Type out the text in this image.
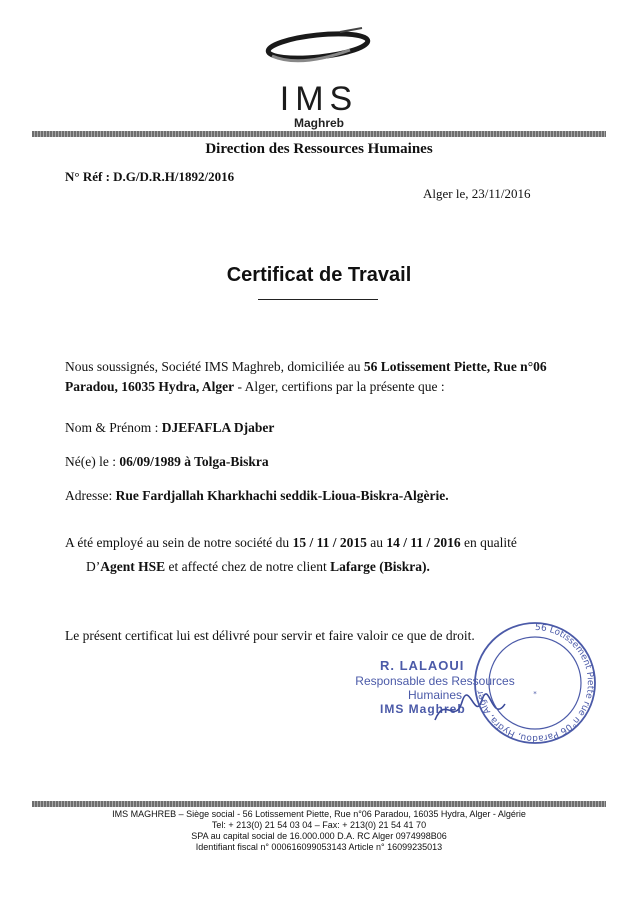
IMS
Maghreb
Direction des Ressources Humaines
N° Réf : D.G/D.R.H/1892/2016
Alger le, 23/11/2016
Certificat de Travail
Nous soussignés, Société IMS Maghreb, domiciliée au 56 Lotissement Piette, Rue n°06
Paradou, 16035 Hydra, Alger - Alger, certifions par la présente que :
Nom & Prénom : DJEFAFLA Djaber
Né(e) le : 06/09/1989 à Tolga-Biskra
Adresse: Rue Fardjallah Kharkhachi seddik-Lioua-Biskra-Algèrie.
A été employé au sein de notre société du 15 / 11 / 2015 au 14 / 11 / 2016 en qualité
D’Agent HSE et affecté chez de notre client Lafarge (Biskra).
Le présent certificat lui est délivré pour servir et faire valoir ce que de droit.
R. LALAOUI
Responsable des Ressources
Humaines
IMS Maghreb
56 Lotissement Piette rue n°06 Paradou, Hydra, Alger	*
IMS MAGHREB – Siège social - 56 Lotissement Piette, Rue n°06 Paradou, 16035 Hydra, Alger - Algérie
Tel: + 213(0) 21 54 03 04 – Fax: + 213(0) 21 54 41 70
SPA au capital social de 16.000.000 D.A. RC Alger 0974998B06
Identifiant fiscal n° 000616099053143 Article n° 16099235013
